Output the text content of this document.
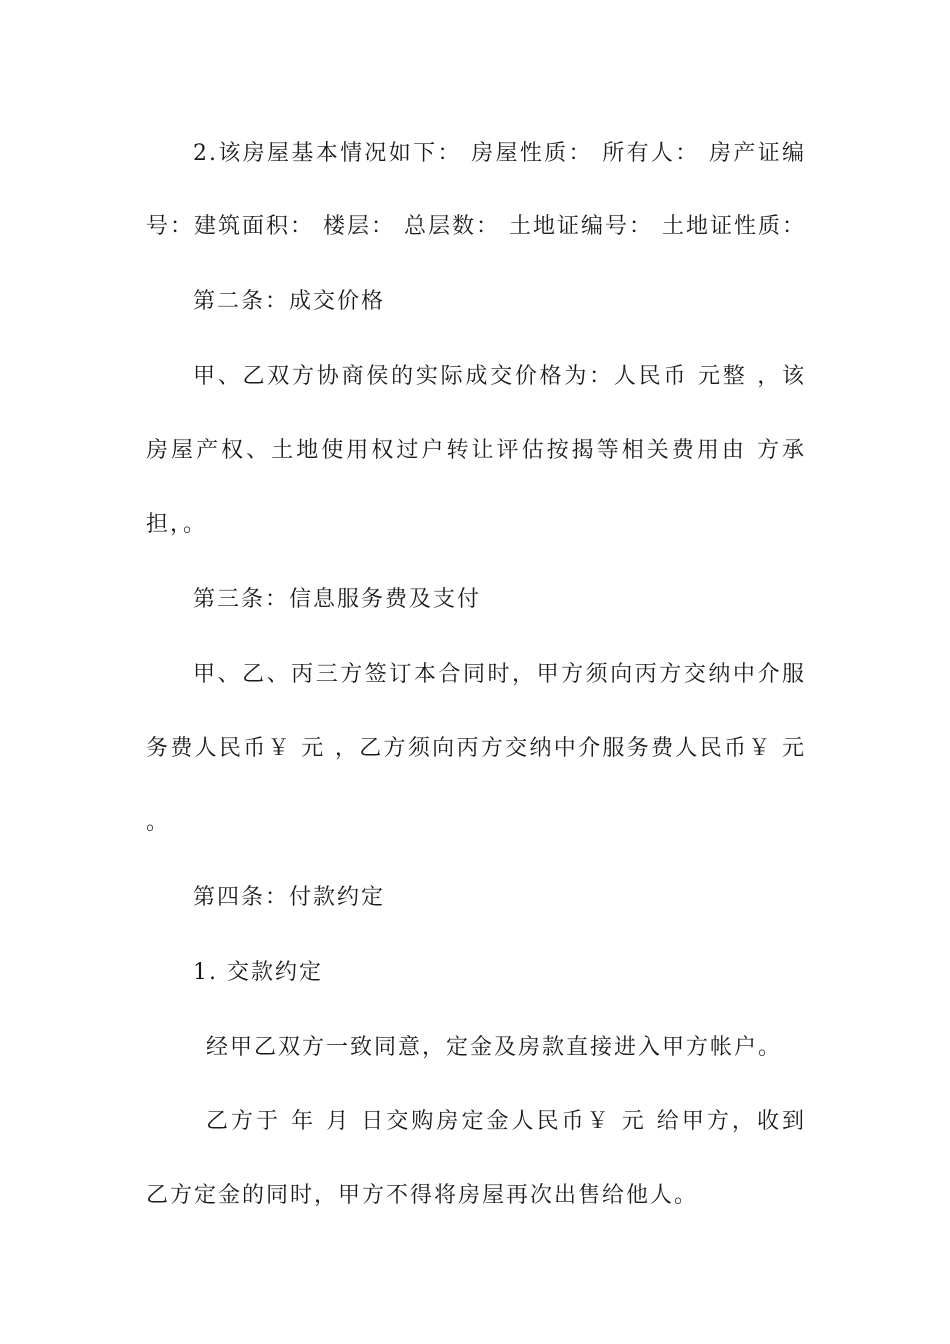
2.该房屋基本情况如下： 房屋性质： 所有人： 房产证编
号：建筑面积： 楼层： 总层数： 土地证编号： 土地证性质：
第二条：成交价格
甲、乙双方协商侯的实际成交价格为：人民币 元整 ，该
房屋产权、土地使用权过户转让评估按揭等相关费用由 方承
担，。
第三条：信息服务费及支付
甲、乙、丙三方签订本合同时，甲方须向丙方交纳中介服
务费人民币￥ 元 ，乙方须向丙方交纳中介服务费人民币￥ 元
。
第四条：付款约定
1. 交款约定
经甲乙双方一致同意，定金及房款直接进入甲方帐户。
乙方于 年 月 日交购房定金人民币￥ 元 给甲方，收到
乙方定金的同时，甲方不得将房屋再次出售给他人。
